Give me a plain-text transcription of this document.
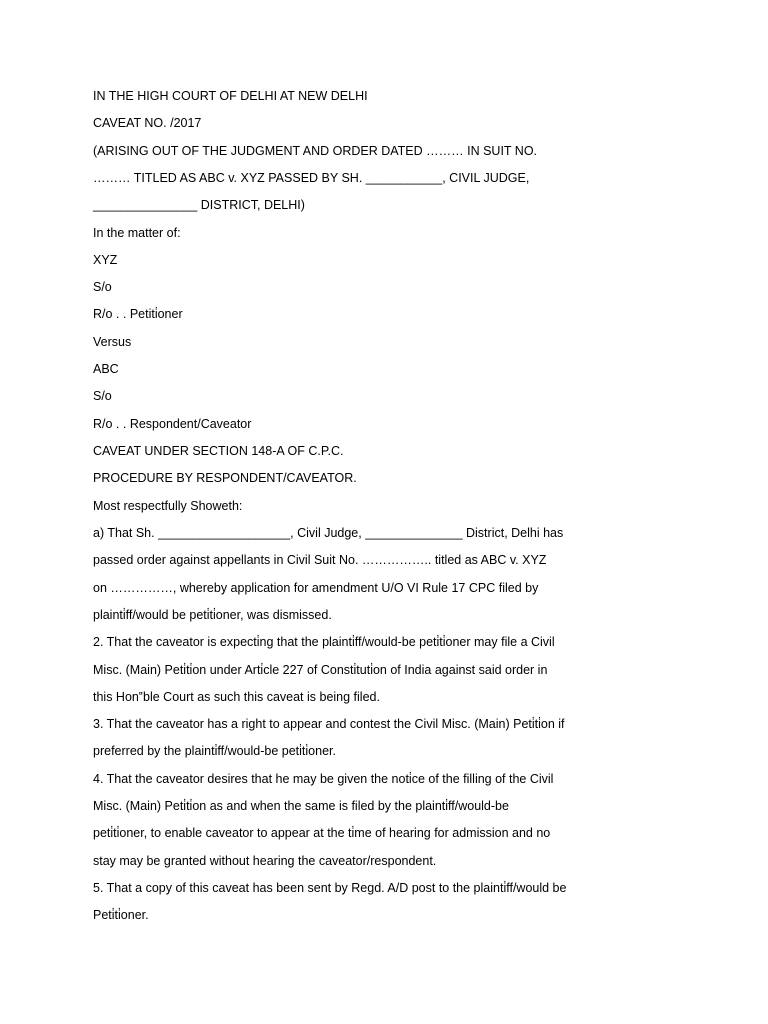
IN THE HIGH COURT OF DELHI AT NEW DELHI
CAVEAT NO. /2017
(ARISING OUT OF THE JUDGMENT AND ORDER DATED ……… IN SUIT NO.
……… TITLED AS ABC v. XYZ PASSED BY SH. ___________, CIVIL JUDGE,
_______________ DISTRICT, DELHI)
In the matter of:
XYZ
S/o
R/o . . Petiti̇oner
Versus
ABC
S/o
R/o . . Respondent/Caveator
CAVEAT UNDER SECTION 148-A OF C.P.C.
PROCEDURE BY RESPONDENT/CAVEATOR.
Most respectfully Showeth:
a) That Sh. ___________________, Civil Judge, ______________ District, Delhi has
passed order against appellants in Civil Suit No. …………….. titled as ABC v. XYZ
on ……………, whereby application for amendment U/O VI Rule 17 CPC filed by
plainti̇ff/would be peti̇ti̇oner, was dismissed.
2. That the caveator is expecti̇ng that the plainti̇ff/would-be peti̇ti̇oner may file a Civil
Misc. (Main) Peti̇ti̇on under Arti̇cle 227 of Consti̇tuti̇on of India against said order in
this Hon‟ble Court as such this caveat is being filed.
3. That the caveator has a right to appear and contest the Civil Misc. (Main) Peti̇ti̇on if
preferred by the plainti̇ff/would-be peti̇ti̇oner.
4. That the caveator desires that he may be given the noti̇ce of the filling of the Civil
Misc. (Main) Peti̇ti̇on as and when the same is filed by the plainti̇ff/would-be
peti̇ti̇oner, to enable caveator to appear at the ti̇me of hearing for admission and no
stay may be granted without hearing the caveator/respondent.
5. That a copy of this caveat has been sent by Regd. A/D post to the plainti̇ff/would be
Peti̇ti̇oner.
